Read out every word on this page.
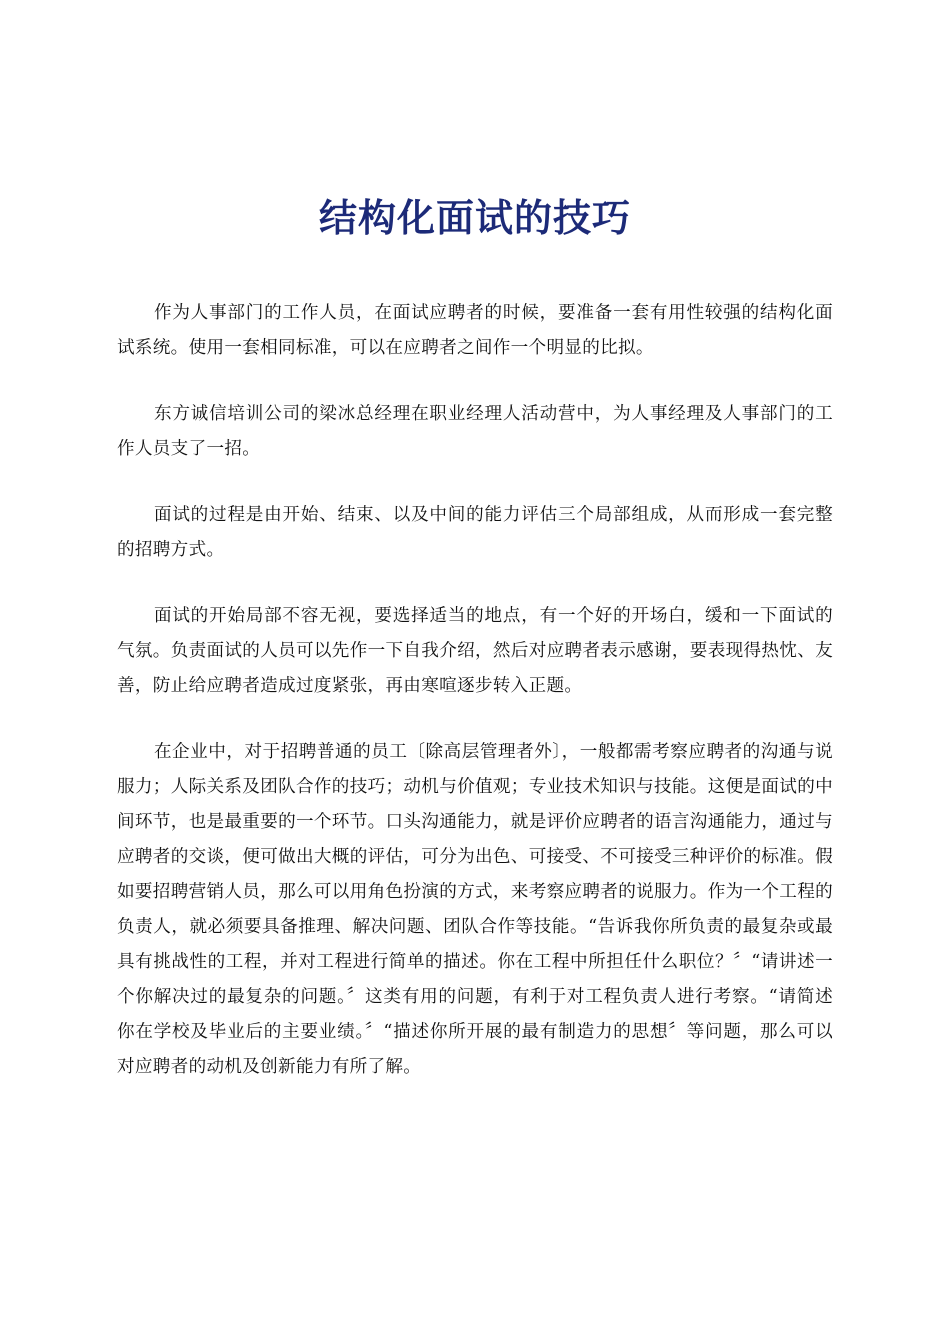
结构化面试的技巧

作为人事部门的工作人员，在面试应聘者的时候，要准备一套有用性较强的结构化面试系统。使用一套相同标准，可以在应聘者之间作一个明显的比拟。

东方诚信培训公司的梁冰总经理在职业经理人活动营中，为人事经理及人事部门的工作人员支了一招。

面试的过程是由开始、结束、以及中间的能力评估三个局部组成，从而形成一套完整的招聘方式。

面试的开始局部不容无视，要选择适当的地点，有一个好的开场白，缓和一下面试的气氛。负责面试的人员可以先作一下自我介绍，然后对应聘者表示感谢，要表现得热忱、友善，防止给应聘者造成过度紧张，再由寒喧逐步转入正题。

在企业中，对于招聘普通的员工〔除高层管理者外〕，一般都需考察应聘者的沟通与说服力；人际关系及团队合作的技巧；动机与价值观；专业技术知识与技能。这便是面试的中间环节，也是最重要的一个环节。口头沟通能力，就是评价应聘者的语言沟通能力，通过与应聘者的交谈，便可做出大概的评估，可分为出色、可接受、不可接受三种评价的标准。假如要招聘营销人员，那么可以用角色扮演的方式，来考察应聘者的说服力。作为一个工程的负责人，就必须要具备推理、解决问题、团队合作等技能。“告诉我你所负责的最复杂或最具有挑战性的工程，并对工程进行简单的描述。你在工程中所担任什么职位？〞“请讲述一个你解决过的最复杂的问题。〞这类有用的问题，有利于对工程负责人进行考察。“请简述你在学校及毕业后的主要业绩。〞“描述你所开展的最有制造力的思想〞等问题，那么可以对应聘者的动机及创新能力有所了解。
